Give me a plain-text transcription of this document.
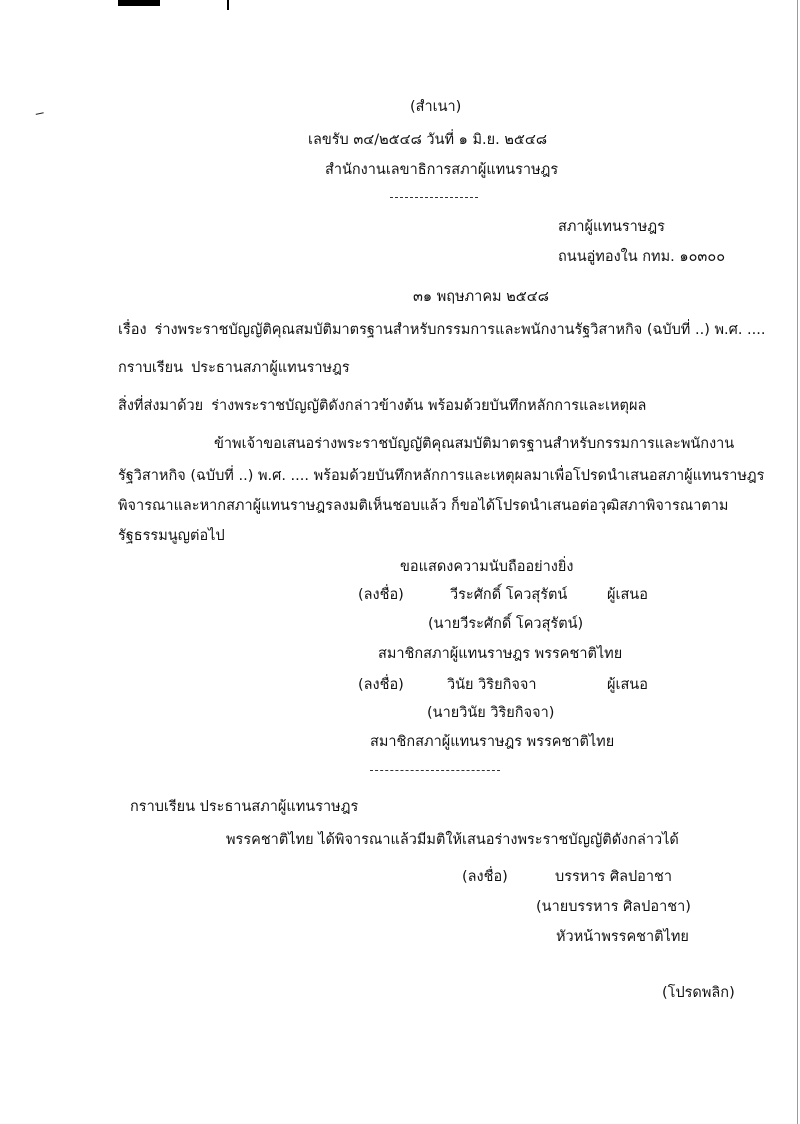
(สำเนา)
เลขรับ ๓๔/๒๕๔๘ วันที่ ๑ มิ.ย. ๒๕๔๘
สำนักงานเลขาธิการสภาผู้แทนราษฎร
สภาผู้แทนราษฎร
ถนนอู่ทองใน กทม. ๑๐๓๐๐
๓๑ พฤษภาคม ๒๕๔๘
เรื่อง ร่างพระราชบัญญัติคุณสมบัติมาตรฐานสำหรับกรรมการและพนักงานรัฐวิสาหกิจ (ฉบับที่ ..) พ.ศ. ....
กราบเรียน ประธานสภาผู้แทนราษฎร
สิ่งที่ส่งมาด้วย ร่างพระราชบัญญัติดังกล่าวข้างต้น พร้อมด้วยบันทึกหลักการและเหตุผล
ข้าพเจ้าขอเสนอร่างพระราชบัญญัติคุณสมบัติมาตรฐานสำหรับกรรมการและพนักงาน
รัฐวิสาหกิจ (ฉบับที่ ..) พ.ศ. .... พร้อมด้วยบันทึกหลักการและเหตุผลมาเพื่อโปรดนำเสนอสภาผู้แทนราษฎร
พิจารณาและหากสภาผู้แทนราษฎรลงมติเห็นชอบแล้ว ก็ขอได้โปรดนำเสนอต่อวุฒิสภาพิจารณาตาม
รัฐธรรมนูญต่อไป
ขอแสดงความนับถืออย่างยิ่ง
(ลงชื่อ)	วีระศักดิ์ โควสุรัตน์	ผู้เสนอ
(นายวีระศักดิ์ โควสุรัตน์)
สมาชิกสภาผู้แทนราษฎร พรรคชาติไทย
(ลงชื่อ)	วินัย วิริยกิจจา	ผู้เสนอ
(นายวินัย วิริยกิจจา)
สมาชิกสภาผู้แทนราษฎร พรรคชาติไทย
กราบเรียน ประธานสภาผู้แทนราษฎร
พรรคชาติไทย ได้พิจารณาแล้วมีมติให้เสนอร่างพระราชบัญญัติดังกล่าวได้
(ลงชื่อ)	บรรหาร ศิลปอาชา
(นายบรรหาร ศิลปอาชา)
หัวหน้าพรรคชาติไทย
(โปรดพลิก)
